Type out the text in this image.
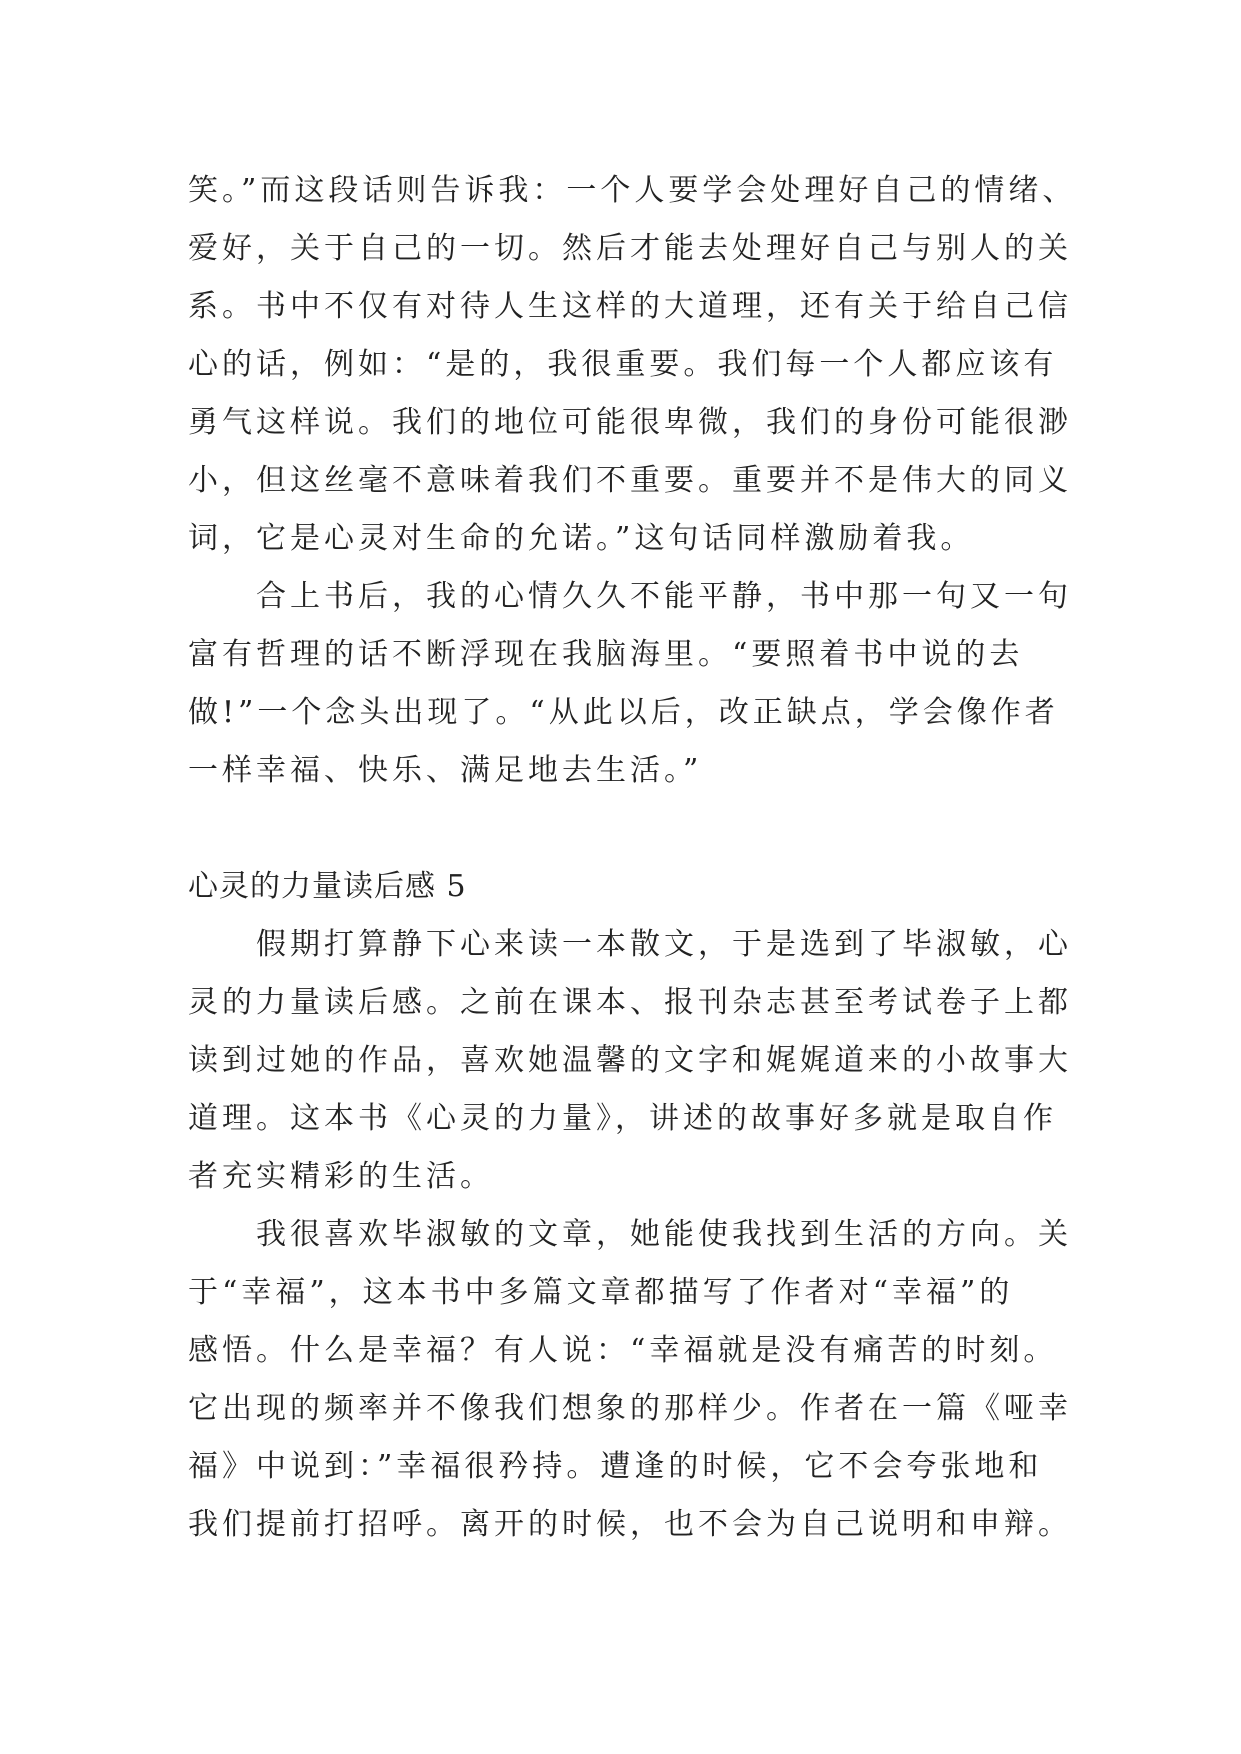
笑。”而这段话则告诉我：一个人要学会处理好自己的情绪、
爱好，关于自己的一切。然后才能去处理好自己与别人的关
系。书中不仅有对待人生这样的大道理，还有关于给自己信
心的话，例如：“是的，我很重要。我们每一个人都应该有
勇气这样说。我们的地位可能很卑微，我们的身份可能很渺
小，但这丝毫不意味着我们不重要。重要并不是伟大的同义
词，它是心灵对生命的允诺。”这句话同样激励着我。
　　合上书后，我的心情久久不能平静，书中那一句又一句
富有哲理的话不断浮现在我脑海里。“要照着书中说的去
做!”一个念头出现了。“从此以后，改正缺点，学会像作者
一样幸福、快乐、满足地去生活。”
心灵的力量读后感 5
　　假期打算静下心来读一本散文，于是选到了毕淑敏，心
灵的力量读后感。之前在课本、报刊杂志甚至考试卷子上都
读到过她的作品，喜欢她温馨的文字和娓娓道来的小故事大
道理。这本书《心灵的力量》，讲述的故事好多就是取自作
者充实精彩的生活。
　　我很喜欢毕淑敏的文章，她能使我找到生活的方向。关
于“幸福”，这本书中多篇文章都描写了作者对“幸福”的
感悟。什么是幸福？有人说：“幸福就是没有痛苦的时刻。
它出现的频率并不像我们想象的那样少。作者在一篇《哑幸
福》中说到：”幸福很矜持。遭逢的时候，它不会夸张地和
我们提前打招呼。离开的时候，也不会为自己说明和申辩。
